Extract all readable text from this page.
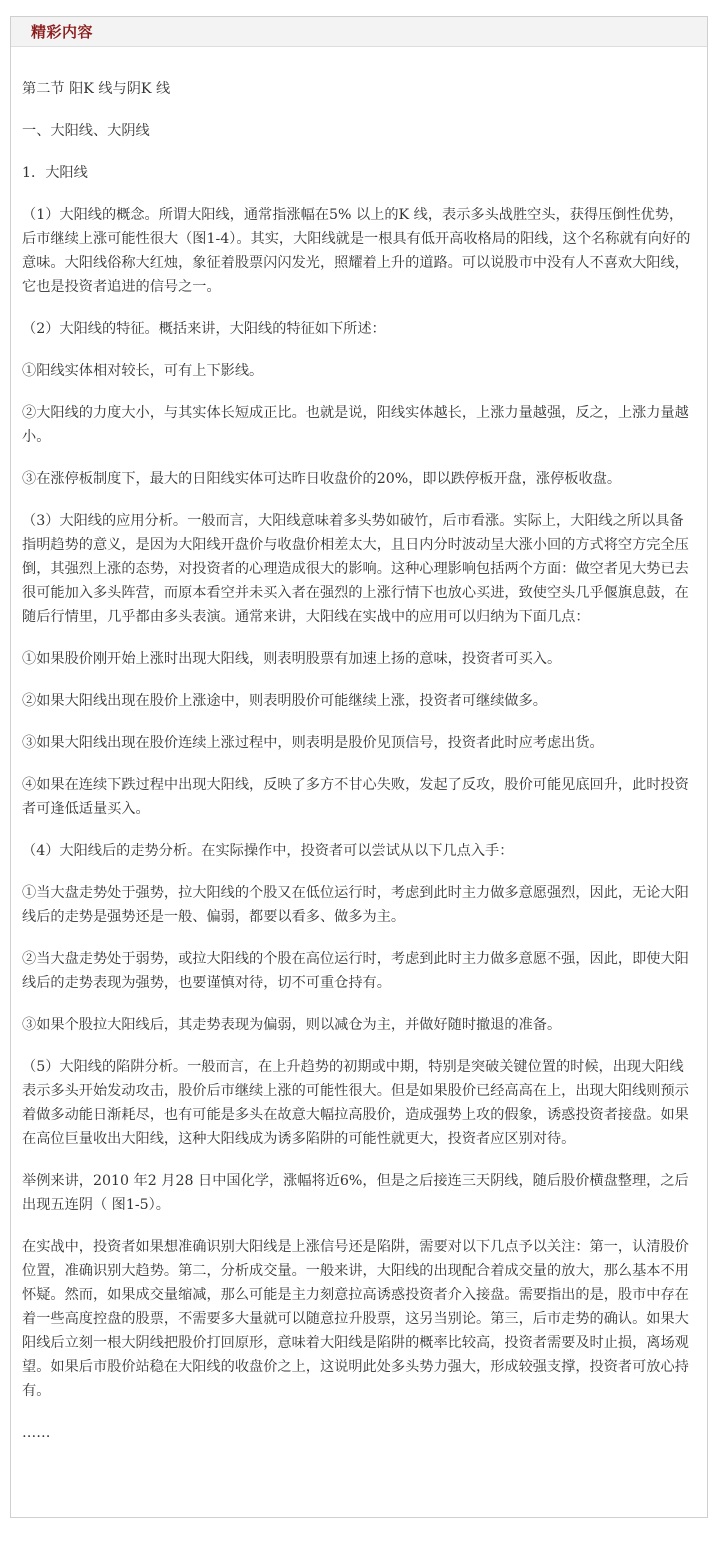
精彩内容

第二节 阳K 线与阴K 线

一、大阳线、大阴线

1．大阳线

（1）大阳线的概念。所谓大阳线，通常指涨幅在5% 以上的K 线，表示多头战胜空头，获得压倒性优势，后市继续上涨可能性很大（图1-4）。其实，大阳线就是一根具有低开高收格局的阳线，这个名称就有向好的意味。大阳线俗称大红烛，象征着股票闪闪发光，照耀着上升的道路。可以说股市中没有人不喜欢大阳线，它也是投资者追进的信号之一。

（2）大阳线的特征。概括来讲，大阳线的特征如下所述：

①阳线实体相对较长，可有上下影线。

②大阳线的力度大小，与其实体长短成正比。也就是说，阳线实体越长，上涨力量越强，反之，上涨力量越小。

③在涨停板制度下，最大的日阳线实体可达昨日收盘价的20%，即以跌停板开盘，涨停板收盘。

（3）大阳线的应用分析。一般而言，大阳线意味着多头势如破竹，后市看涨。实际上，大阳线之所以具备指明趋势的意义，是因为大阳线开盘价与收盘价相差太大，且日内分时波动呈大涨小回的方式将空方完全压倒，其强烈上涨的态势，对投资者的心理造成很大的影响。这种心理影响包括两个方面：做空者见大势已去很可能加入多头阵营，而原本看空并未买入者在强烈的上涨行情下也放心买进，致使空头几乎偃旗息鼓，在随后行情里，几乎都由多头表演。通常来讲，大阳线在实战中的应用可以归纳为下面几点：

①如果股价刚开始上涨时出现大阳线，则表明股票有加速上扬的意味，投资者可买入。

②如果大阳线出现在股价上涨途中，则表明股价可能继续上涨，投资者可继续做多。

③如果大阳线出现在股价连续上涨过程中，则表明是股价见顶信号，投资者此时应考虑出货。

④如果在连续下跌过程中出现大阳线，反映了多方不甘心失败，发起了反攻，股价可能见底回升，此时投资者可逢低适量买入。

（4）大阳线后的走势分析。在实际操作中，投资者可以尝试从以下几点入手：

①当大盘走势处于强势，拉大阳线的个股又在低位运行时，考虑到此时主力做多意愿强烈，因此，无论大阳线后的走势是强势还是一般、偏弱，都要以看多、做多为主。

②当大盘走势处于弱势，或拉大阳线的个股在高位运行时，考虑到此时主力做多意愿不强，因此，即使大阳线后的走势表现为强势，也要谨慎对待，切不可重仓持有。

③如果个股拉大阳线后，其走势表现为偏弱，则以减仓为主，并做好随时撤退的准备。

（5）大阳线的陷阱分析。一般而言，在上升趋势的初期或中期，特别是突破关键位置的时候，出现大阳线表示多头开始发动攻击，股价后市继续上涨的可能性很大。但是如果股价已经高高在上，出现大阳线则预示着做多动能日渐耗尽，也有可能是多头在故意大幅拉高股价，造成强势上攻的假象，诱惑投资者接盘。如果在高位巨量收出大阳线，这种大阳线成为诱多陷阱的可能性就更大，投资者应区别对待。

举例来讲，2010 年2 月28 日中国化学，涨幅将近6%，但是之后接连三天阴线，随后股价横盘整理，之后出现五连阴（ 图1-5）。

在实战中，投资者如果想准确识别大阳线是上涨信号还是陷阱，需要对以下几点予以关注：第一，认清股价位置，准确识别大趋势。第二，分析成交量。一般来讲，大阳线的出现配合着成交量的放大，那么基本不用怀疑。然而，如果成交量缩减，那么可能是主力刻意拉高诱惑投资者介入接盘。需要指出的是，股市中存在着一些高度控盘的股票，不需要多大量就可以随意拉升股票，这另当别论。第三，后市走势的确认。如果大阳线后立刻一根大阴线把股价打回原形，意味着大阳线是陷阱的概率比较高，投资者需要及时止损，离场观望。如果后市股价站稳在大阳线的收盘价之上，这说明此处多头势力强大，形成较强支撑，投资者可放心持有。

……
